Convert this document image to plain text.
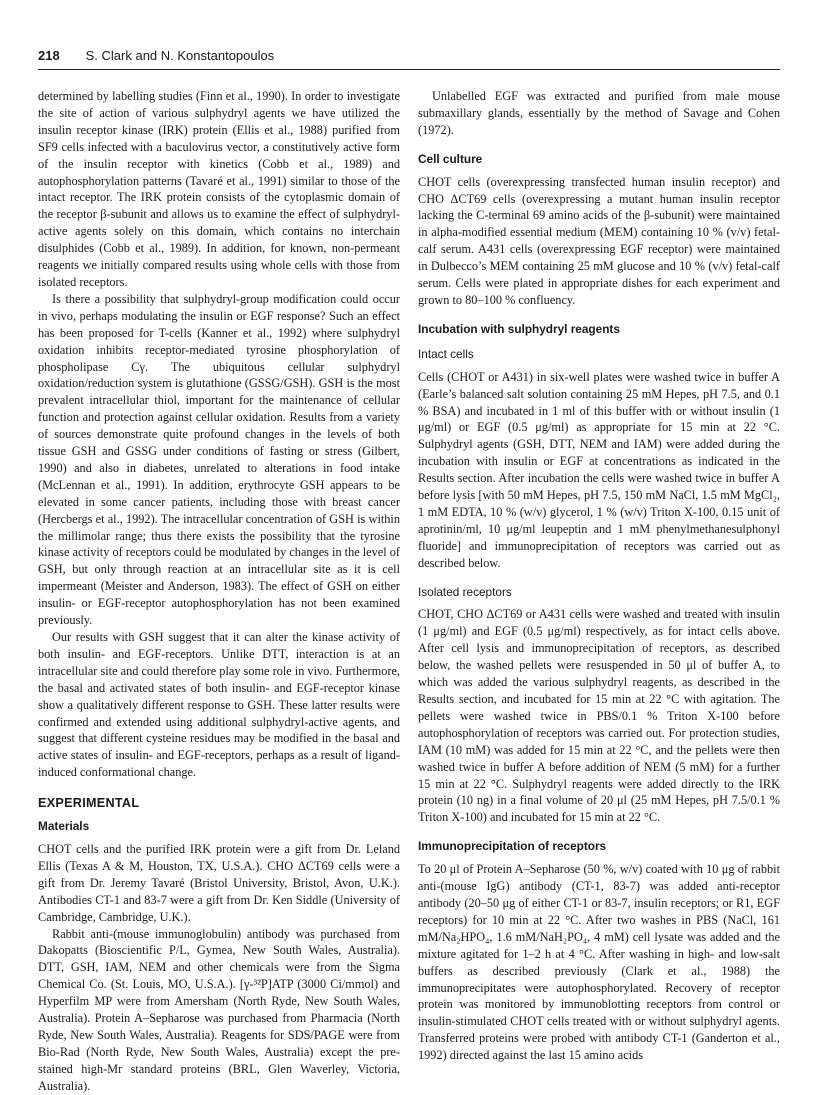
218 S. Clark and N. Konstantopoulos

determined by labelling studies (Finn et al., 1990). In order to investigate the site of action of various sulphydryl agents we have utilized the insulin receptor kinase (IRK) protein (Ellis et al., 1988) purified from SF9 cells infected with a baculovirus vector, a constitutively active form of the insulin receptor with kinetics (Cobb et al., 1989) and autophosphorylation patterns (Tavaré et al., 1991) similar to those of the intact receptor. The IRK protein consists of the cytoplasmic domain of the receptor β-subunit and allows us to examine the effect of sulphydryl-active agents solely on this domain, which contains no interchain disulphides (Cobb et al., 1989). In addition, for known, non-permeant reagents we initially compared results using whole cells with those from isolated receptors.

Is there a possibility that sulphydryl-group modification could occur in vivo, perhaps modulating the insulin or EGF response? Such an effect has been proposed for T-cells (Kanner et al., 1992) where sulphydryl oxidation inhibits receptor-mediated tyrosine phosphorylation of phospholipase Cγ. The ubiquitous cellular sulphydryl oxidation/reduction system is glutathione (GSSG/GSH). GSH is the most prevalent intracellular thiol, important for the maintenance of cellular function and protection against cellular oxidation. Results from a variety of sources demonstrate quite profound changes in the levels of both tissue GSH and GSSG under conditions of fasting or stress (Gilbert, 1990) and also in diabetes, unrelated to alterations in food intake (McLennan et al., 1991). In addition, erythrocyte GSH appears to be elevated in some cancer patients, including those with breast cancer (Hercbergs et al., 1992). The intracellular concentration of GSH is within the millimolar range; thus there exists the possibility that the tyrosine kinase activity of receptors could be modulated by changes in the level of GSH, but only through reaction at an intracellular site as it is cell impermeant (Meister and Anderson, 1983). The effect of GSH on either insulin- or EGF-receptor autophosphorylation has not been examined previously.

Our results with GSH suggest that it can alter the kinase activity of both insulin- and EGF-receptors. Unlike DTT, interaction is at an intracellular site and could therefore play some role in vivo. Furthermore, the basal and activated states of both insulin- and EGF-receptor kinase show a qualitatively different response to GSH. These latter results were confirmed and extended using additional sulphydryl-active agents, and suggest that different cysteine residues may be modified in the basal and active states of insulin- and EGF-receptors, perhaps as a result of ligand-induced conformational change.

EXPERIMENTAL
Materials

CHOT cells and the purified IRK protein were a gift from Dr. Leland Ellis (Texas A & M, Houston, TX, U.S.A.). CHO ΔCT69 cells were a gift from Dr. Jeremy Tavaré (Bristol University, Bristol, Avon, U.K.). Antibodies CT-1 and 83-7 were a gift from Dr. Ken Siddle (University of Cambridge, Cambridge, U.K.).

Rabbit anti-(mouse immunoglobulin) antibody was purchased from Dakopatts (Bioscientific P/L, Gymea, New South Wales, Australia). DTT, GSH, IAM, NEM and other chemicals were from the Sigma Chemical Co. (St. Louis, MO, U.S.A.). [γ-³²P]ATP (3000 Ci/mmol) and Hyperfilm MP were from Amersham (North Ryde, New South Wales, Australia). Protein A–Sepharose was purchased from Pharmacia (North Ryde, New South Wales, Australia). Reagents for SDS/PAGE were from Bio-Rad (North Ryde, New South Wales, Australia) except the pre-stained high-Mr standard proteins (BRL, Glen Waverley, Victoria, Australia).

Unlabelled EGF was extracted and purified from male mouse submaxillary glands, essentially by the method of Savage and Cohen (1972).

Cell culture

CHOT cells (overexpressing transfected human insulin receptor) and CHO ΔCT69 cells (overexpressing a mutant human insulin receptor lacking the C-terminal 69 amino acids of the β-subunit) were maintained in alpha-modified essential medium (MEM) containing 10 % (v/v) fetal-calf serum. A431 cells (overexpressing EGF receptor) were maintained in Dulbecco’s MEM containing 25 mM glucose and 10 % (v/v) fetal-calf serum. Cells were plated in appropriate dishes for each experiment and grown to 80–100 % confluency.

Incubation with sulphydryl reagents
Intact cells

Cells (CHOT or A431) in six-well plates were washed twice in buffer A (Earle’s balanced salt solution containing 25 mM Hepes, pH 7.5, and 0.1 % BSA) and incubated in 1 ml of this buffer with or without insulin (1 μg/ml) or EGF (0.5 μg/ml) as appropriate for 15 min at 22 °C. Sulphydryl agents (GSH, DTT, NEM and IAM) were added during the incubation with insulin or EGF at concentrations as indicated in the Results section. After incubation the cells were washed twice in buffer A before lysis [with 50 mM Hepes, pH 7.5, 150 mM NaCl, 1.5 mM MgCl₂, 1 mM EDTA, 10 % (w/v) glycerol, 1 % (w/v) Triton X-100, 0.15 unit of aprotinin/ml, 10 μg/ml leupeptin and 1 mM phenylmethanesulphonyl fluoride] and immunoprecipitation of receptors was carried out as described below.

Isolated receptors

CHOT, CHO ΔCT69 or A431 cells were washed and treated with insulin (1 μg/ml) and EGF (0.5 μg/ml) respectively, as for intact cells above. After cell lysis and immunoprecipitation of receptors, as described below, the washed pellets were resuspended in 50 μl of buffer A, to which was added the various sulphydryl reagents, as described in the Results section, and incubated for 15 min at 22 °C with agitation. The pellets were washed twice in PBS/0.1 % Triton X-100 before autophosphorylation of receptors was carried out. For protection studies, IAM (10 mM) was added for 15 min at 22 °C, and the pellets were then washed twice in buffer A before addition of NEM (5 mM) for a further 15 min at 22 °C. Sulphydryl reagents were added directly to the IRK protein (10 ng) in a final volume of 20 μl (25 mM Hepes, pH 7.5/0.1 % Triton X-100) and incubated for 15 min at 22 °C.

Immunoprecipitation of receptors

To 20 μl of Protein A–Sepharose (50 %, w/v) coated with 10 μg of rabbit anti-(mouse IgG) antibody (CT-1, 83-7) was added anti-receptor antibody (20–50 μg of either CT-1 or 83-7, insulin receptors; or R1, EGF receptors) for 10 min at 22 °C. After two washes in PBS (NaCl, 161 mM/Na₂HPO₄, 1.6 mM/NaH₂PO₄, 4 mM) cell lysate was added and the mixture agitated for 1–2 h at 4 °C. After washing in high- and low-salt buffers as described previously (Clark et al., 1988) the immunoprecipitates were autophosphorylated. Recovery of receptor protein was monitored by immunoblotting receptors from control or insulin-stimulated CHOT cells treated with or without sulphydryl agents. Transferred proteins were probed with antibody CT-1 (Ganderton et al., 1992) directed against the last 15 amino acids
